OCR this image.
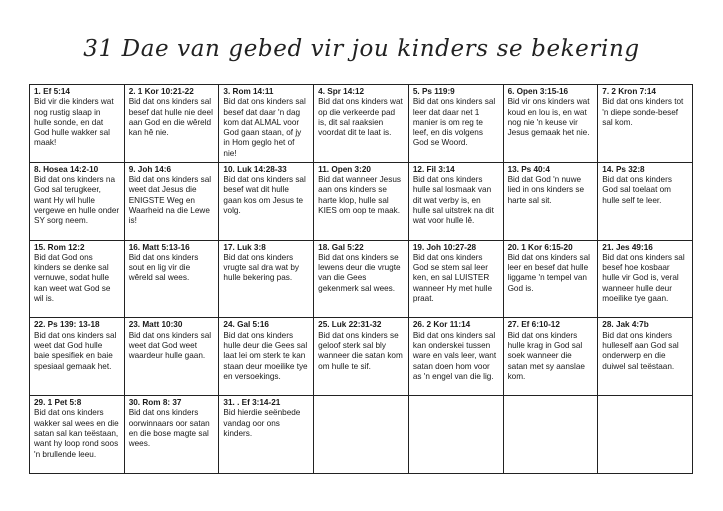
31 Dae van gebed vir jou kinders se bekering
1. Ef 5:14
Bid vir die kinders wat nog rustig slaap in hulle sonde, en dat God hulle wakker sal maak!
2. 1 Kor 10:21-22
Bid dat ons kinders sal besef dat hulle nie deel aan God en die wêreld kan hê nie.
3. Rom 14:11
Bid dat ons kinders sal besef dat daar 'n dag kom dat ALMAL voor God gaan staan, of jy in Hom geglo het of nie!
4. Spr 14:12
Bid dat ons kinders wat op die verkeerde pad is, dit sal raaksien voordat dit te laat is.
5. Ps 119:9
Bid dat ons kinders sal leer dat daar net 1 manier is om reg te leef, en dis volgens God se Woord.
6. Open 3:15-16
Bid vir ons kinders wat koud en lou is, en wat nog nie 'n keuse vir Jesus gemaak het nie.
7. 2 Kron 7:14
Bid dat ons kinders tot 'n diepe sonde-besef sal kom.
8. Hosea 14:2-10
Bid dat ons kinders na God sal terugkeer, want Hy wil hulle vergewe en hulle onder SY sorg neem.
9. Joh 14:6
Bid dat ons kinders sal weet dat Jesus die ENIGSTE Weg en Waarheid na die Lewe is!
10. Luk 14:28-33
Bid dat ons kinders sal besef wat dit hulle gaan kos om Jesus te volg.
11. Open 3:20
Bid dat wanneer Jesus aan ons kinders se harte klop, hulle sal KIES om oop te maak.
12. Fil 3:14
Bid dat ons kinders hulle sal losmaak van dit wat verby is, en hulle sal uitstrek na dit wat voor hulle lê.
13. Ps 40:4
Bid dat God 'n nuwe lied in ons kinders se harte sal sit.
14. Ps 32:8
Bid dat ons kinders God sal toelaat om hulle self te leer.
15. Rom 12:2
Bid dat God ons kinders se denke sal vernuwe, sodat hulle kan weet wat God se wil is.
16. Matt 5:13-16
Bid dat ons kinders sout en lig vir die wêreld sal wees.
17. Luk 3:8
Bid dat ons kinders vrugte sal dra wat by hulle bekering pas.
18. Gal 5:22
Bid dat ons kinders se lewens deur die vrugte van die Gees gekenmerk sal wees.
19. Joh 10:27-28
Bid dat ons kinders God se stem sal leer ken, en sal LUISTER wanneer Hy met hulle praat.
20. 1 Kor 6:15-20
Bid dat ons kinders sal leer en besef dat hulle liggame 'n tempel van God is.
21. Jes 49:16
Bid dat ons kinders sal besef hoe kosbaar hulle vir God is, veral wanneer hulle deur moeilike tye gaan.
22. Ps 139: 13-18
Bid dat ons kinders sal weet dat God hulle baie spesifiek en baie spesiaal gemaak het.
23. Matt 10:30
Bid dat ons kinders sal weet dat God weet waardeur hulle gaan.
24. Gal 5:16
Bid dat ons kinders hulle deur die Gees sal laat lei om sterk te kan staan deur moeilike tye en versoekings.
25. Luk 22:31-32
Bid dat ons kinders se geloof sterk sal bly wanneer die satan kom om hulle te sif.
26. 2 Kor 11:14
Bid dat ons kinders sal kan onderskei tussen ware en vals leer, want satan doen hom voor as 'n engel van die lig.
27. Ef 6:10-12
Bid dat ons kinders hulle krag in God sal soek wanneer die satan met sy aanslae kom.
28. Jak 4:7b
Bid dat ons kinders hulleself aan God sal onderwerp en die duiwel sal teëstaan.
29. 1 Pet 5:8
Bid dat ons kinders wakker sal wees en die satan sal kan teëstaan, want hy loop rond soos 'n brullende leeu.
30. Rom 8: 37
Bid dat ons kinders oorwinnaars oor satan en die bose magte sal wees.
31. . Ef 3:14-21
Bid hierdie seënbede vandag oor ons kinders.
